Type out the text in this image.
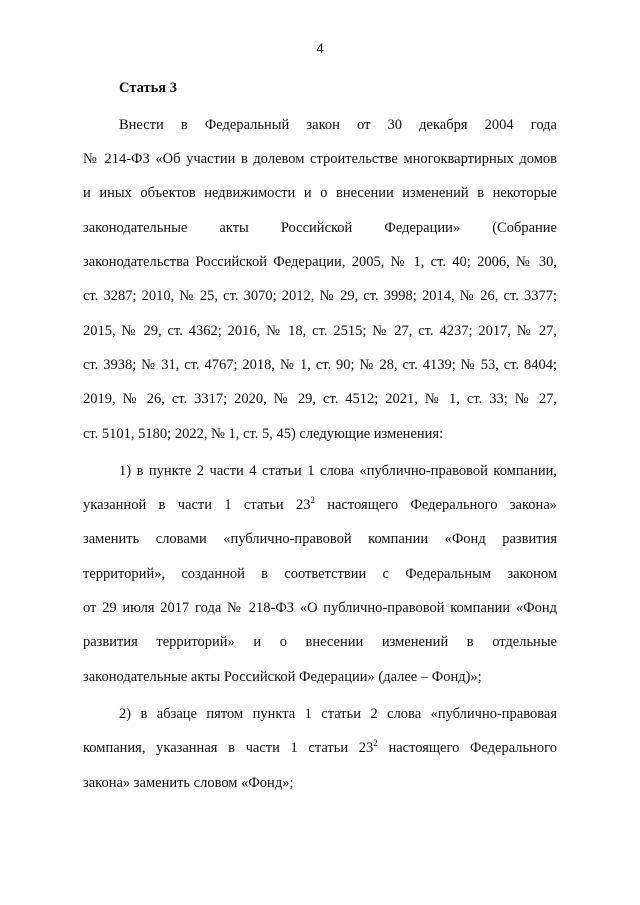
4
Статья 3
Внести в Федеральный закон от 30 декабря 2004 года
№ 214-ФЗ «Об участии в долевом строительстве многоквартирных домов
и иных объектов недвижимости и о внесении изменений в некоторые
законодательные акты Российской Федерации» (Собрание
законодательства Российской Федерации, 2005, № 1, ст. 40; 2006, № 30,
ст. 3287; 2010, № 25, ст. 3070; 2012, № 29, ст. 3998; 2014, № 26, ст. 3377;
2015, № 29, ст. 4362; 2016, № 18, ст. 2515; № 27, ст. 4237; 2017, № 27,
ст. 3938; № 31, ст. 4767; 2018, № 1, ст. 90; № 28, ст. 4139; № 53, ст. 8404;
2019, № 26, ст. 3317; 2020, № 29, ст. 4512; 2021, № 1, ст. 33; № 27,
ст. 5101, 5180; 2022, № 1, ст. 5, 45) следующие изменения:
1) в пункте 2 части 4 статьи 1 слова «публично-правовой компании,
указанной в части 1 статьи $23^2$ настоящего Федерального закона»
заменить словами «публично-правовой компании «Фонд развития
территорий», созданной в соответствии с Федеральным законом
от 29 июля 2017 года № 218-ФЗ «О публично-правовой компании «Фонд
развития территорий» и о внесении изменений в отдельные
законодательные акты Российской Федерации» (далее – Фонд)»;
2) в абзаце пятом пункта 1 статьи 2 слова «публично-правовая
компания, указанная в части 1 статьи $23^2$ настоящего Федерального
закона» заменить словом «Фонд»;
